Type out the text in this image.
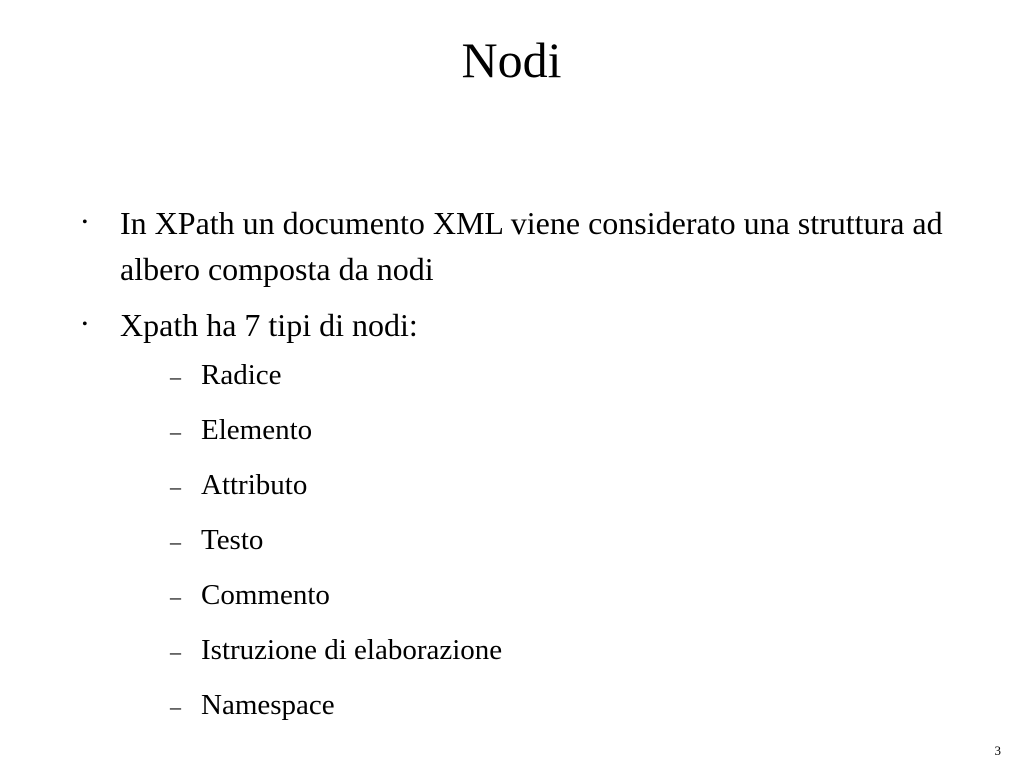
Nodi
•	In XPath un documento XML viene considerato una struttura ad albero composta da nodi
•	Xpath ha 7 tipi di nodi:
– Radice
– Elemento
– Attributo
– Testo
– Commento
– Istruzione di elaborazione
– Namespace
3
